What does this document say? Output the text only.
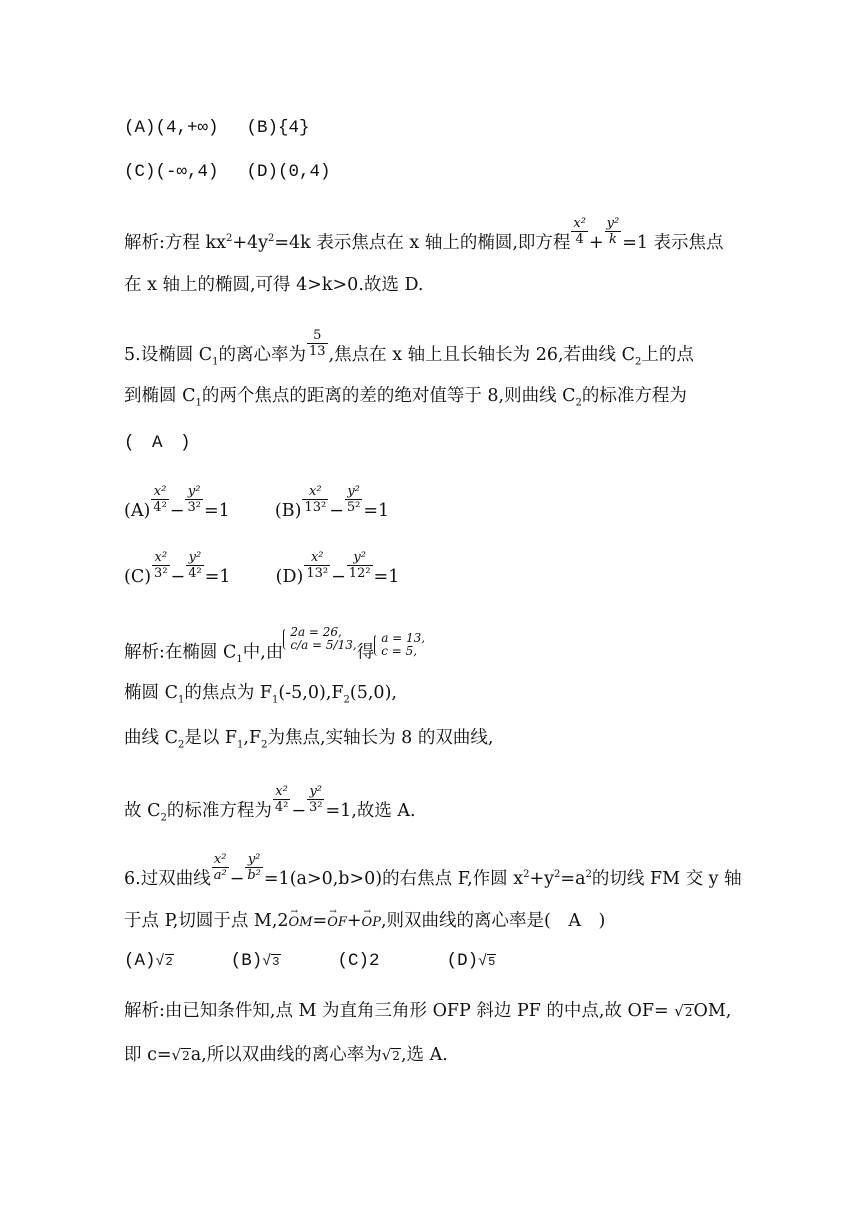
(A)(4,+∞)　 (B){4}
(C)(-∞,4)　 (D)(0,4)
解析:方程 $kx^2+4y^2=4k$ 表示焦点在 x 轴上的椭圆,即方程 $\frac{\text{x²}}{4} + \frac{\text{y²}}{k} =1$ 表示焦点
在 x 轴上的椭圆,可得 4>k>0.故选 D.
5.设椭圆 $C_1$的离心率为 $\frac{5}{13}$ ,焦点在 x 轴上且长轴长为 26,若曲线 $C_2$上的点
到椭圆 $C_1$的两个焦点的距离的差的绝对值等于 8,则曲线 $C_2$的标准方程为
(　A　)
$(A) \frac{\text{x²}}{\text{4²}} - \frac{\text{y²}}{\text{3²}} =1$	$(B) \frac{\text{x²}}{\text{13²}} - \frac{\text{y²}}{\text{5²}} =1$
$(C) \frac{\text{x²}}{\text{3²}} - \frac{\text{y²}}{\text{4²}} =1$	$(D) \frac{\text{x²}}{\text{13²}} - \frac{\text{y²}}{\text{12²}} =1$
解析:在椭圆 $C_1$中,由
2a = 26,
c/a = 5/13, 得
a = 13,
c = 5,
椭圆 $C_1$的焦点为 $F_1(-5,0),F_2(5,0)$,
曲线 $C_2$是以 $F_1,F_2$为焦点,实轴长为 8 的双曲线,
故 $C_2$的标准方程为 $\frac{\text{x²}}{\text{4²}} - \frac{\text{y²}}{\text{3²}} =1$,故选 A.
6.过双曲线 $\frac{\text{x²}}{\text{a²}} - \frac{\text{y²}}{\text{b²}} =1(a>0,b>0)$的右焦点 F,作圆 $x^2+y^2=a^2$的切线 FM 交 y 轴
于点 P,切圆于点 M,2→ OM=→ OF+→ OP,则双曲线的离心率是(　A　)
(A)√2	(B)√3	(C)2	(D)√5
解析:由已知条件知,点 M 为直角三角形 OFP 斜边 PF 的中点,故 OF= √2OM,
即 c=√2a,所以双曲线的离心率为√2,选 A.
